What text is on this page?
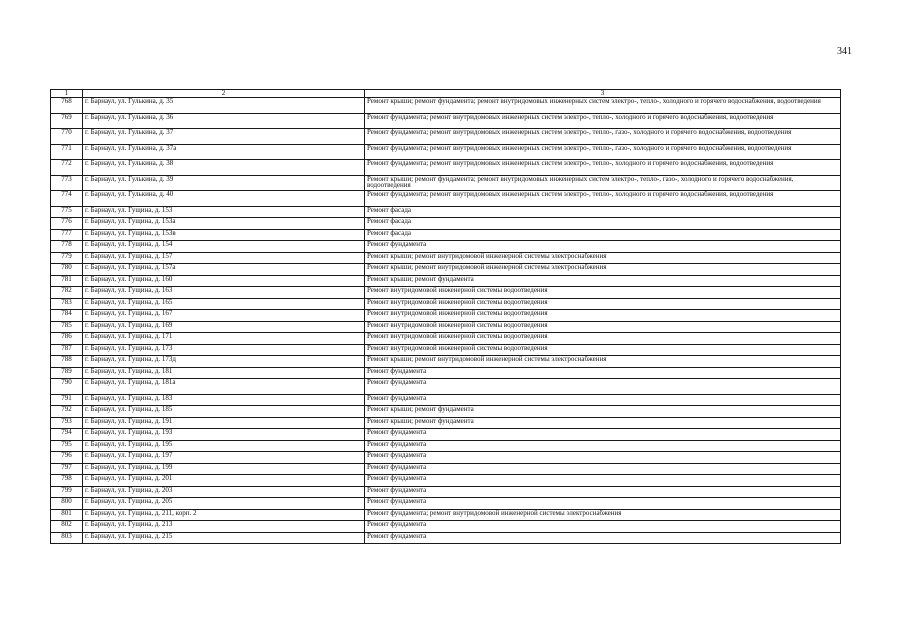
341
1	2	3
768	г. Барнаул, ул. Гулькина, д. 35	Ремонт крыши; ремонт фундамента; ремонт внутридомовых инженерных систем электро-, тепло-, холодного и горячего водоснабжения, водоотведения
769	г. Барнаул, ул. Гулькина, д. 36	Ремонт фундамента; ремонт внутридомовых инженерных систем электро-, тепло-, холодного и горячего водоснабжения, водоотведения
770	г. Барнаул, ул. Гулькина, д. 37	Ремонт фундамента; ремонт внутридомовых инженерных систем электро-, тепло-, газо-, холодного и горячего водоснабжения, водоотведения
771	г. Барнаул, ул. Гулькина, д. 37а	Ремонт фундамента; ремонт внутридомовых инженерных систем электро-, тепло-, газо-, холодного и горячего водоснабжения, водоотведения
772	г. Барнаул, ул. Гулькина, д. 38	Ремонт фундамента; ремонт внутридомовых инженерных систем электро-, тепло-, холодного и горячего водоснабжения, водоотведения
773	г. Барнаул, ул. Гулькина, д. 39	Ремонт крыши; ремонт фундамента; ремонт внутридомовых инженерных систем электро-, тепло-, газо-, холодного и горячего водоснабжения, водоотведения
774	г. Барнаул, ул. Гулькина, д. 40	Ремонт фундамента; ремонт внутридомовых инженерных систем электро-, тепло-, холодного и горячего водоснабжения, водоотведения
775	г. Барнаул, ул. Гущина, д. 153	Ремонт фасада
776	г. Барнаул, ул. Гущина, д. 153а	Ремонт фасада
777	г. Барнаул, ул. Гущина, д. 153в	Ремонт фасада
778	г. Барнаул, ул. Гущина, д. 154	Ремонт фундамента
779	г. Барнаул, ул. Гущина, д. 157	Ремонт крыши; ремонт внутридомовой инженерной системы электроснабжения
780	г. Барнаул, ул. Гущина, д. 157а	Ремонт крыши; ремонт внутридомовой инженерной системы электроснабжения
781	г. Барнаул, ул. Гущина, д. 160	Ремонт крыши; ремонт фундамента
782	г. Барнаул, ул. Гущина, д. 163	Ремонт внутридомовой инженерной системы водоотведения
783	г. Барнаул, ул. Гущина, д. 165	Ремонт внутридомовой инженерной системы водоотведения
784	г. Барнаул, ул. Гущина, д. 167	Ремонт внутридомовой инженерной системы водоотведения
785	г. Барнаул, ул. Гущина, д. 169	Ремонт внутридомовой инженерной системы водоотведения
786	г. Барнаул, ул. Гущина, д. 171	Ремонт внутридомовой инженерной системы водоотведения
787	г. Барнаул, ул. Гущина, д. 173	Ремонт внутридомовой инженерной системы водоотведения
788	г. Барнаул, ул. Гущина, д. 173д	Ремонт крыши; ремонт внутридомовой инженерной системы электроснабжения
789	г. Барнаул, ул. Гущина, д. 181	Ремонт фундамента
790	г. Барнаул, ул. Гущина, д. 181а	Ремонт фундамента
791	г. Барнаул, ул. Гущина, д. 183	Ремонт фундамента
792	г. Барнаул, ул. Гущина, д. 185	Ремонт крыши; ремонт фундамента
793	г. Барнаул, ул. Гущина, д. 191	Ремонт крыши; ремонт фундамента
794	г. Барнаул, ул. Гущина, д. 193	Ремонт фундамента
795	г. Барнаул, ул. Гущина, д. 195	Ремонт фундамента
796	г. Барнаул, ул. Гущина, д. 197	Ремонт фундамента
797	г. Барнаул, ул. Гущина, д. 199	Ремонт фундамента
798	г. Барнаул, ул. Гущина, д. 201	Ремонт фундамента
799	г. Барнаул, ул. Гущина, д. 203	Ремонт фундамента
800	г. Барнаул, ул. Гущина, д. 205	Ремонт фундамента
801	г. Барнаул, ул. Гущина, д. 211, корп. 2	Ремонт фундамента; ремонт внутридомовой инженерной системы электроснабжения
802	г. Барнаул, ул. Гущина, д. 213	Ремонт фундамента
803	г. Барнаул, ул. Гущина, д. 215	Ремонт фундамента
